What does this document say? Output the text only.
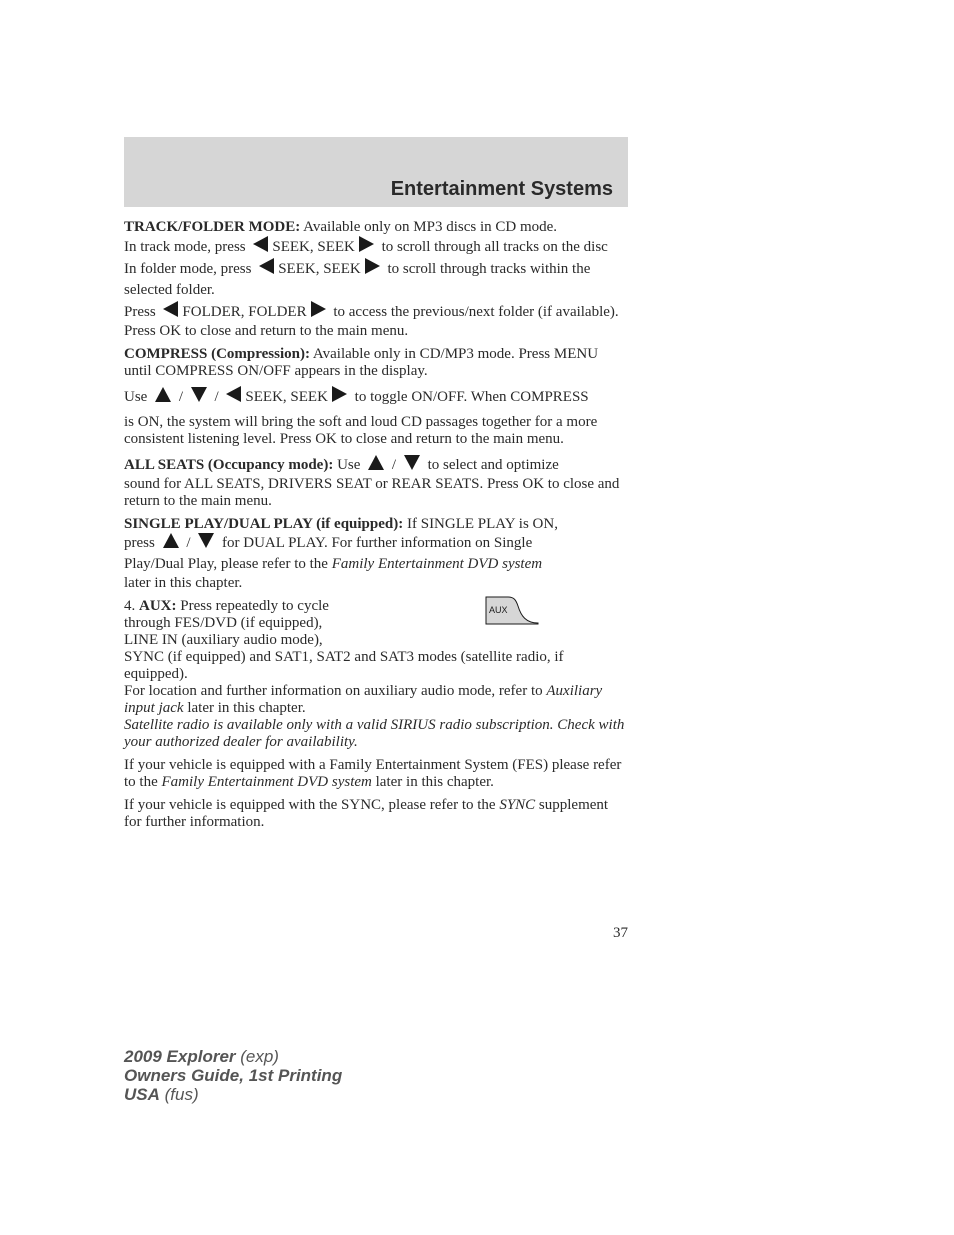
Entertainment Systems

TRACK/FOLDER MODE: Available only on MP3 discs in CD mode.

In track mode, press SEEK, SEEK to scroll through all tracks on the disc

In folder mode, press SEEK, SEEK to scroll through tracks within the selected folder.

Press FOLDER, FOLDER to access the previous/next folder (if available).

Press OK to close and return to the main menu.

COMPRESS (Compression): Available only in CD/MP3 mode. Press MENU until COMPRESS ON/OFF appears in the display.

Use  /  / SEEK, SEEK to toggle ON/OFF. When COMPRESS

is ON, the system will bring the soft and loud CD passages together for a more consistent listening level. Press OK to close and return to the main menu.

ALL SEATS (Occupancy mode): Use  /  to select and optimize

sound for ALL SEATS, DRIVERS SEAT or REAR SEATS. Press OK to close and return to the main menu.

SINGLE PLAY/DUAL PLAY (if equipped): If SINGLE PLAY is ON,

press  /  for DUAL PLAY. For further information on Single

Play/Dual Play, please refer to the Family Entertainment DVD system

later in this chapter.

AUX

4. AUX: Press repeatedly to cycle

through FES/DVD (if equipped),

LINE IN (auxiliary audio mode),

SYNC (if equipped) and SAT1, SAT2 and SAT3 modes (satellite radio, if equipped).

For location and further information on auxiliary audio mode, refer to Auxiliary input jack later in this chapter.

Satellite radio is available only with a valid SIRIUS radio subscription. Check with your authorized dealer for availability.

If your vehicle is equipped with a Family Entertainment System (FES) please refer to the Family Entertainment DVD system later in this chapter.

If your vehicle is equipped with the SYNC, please refer to the SYNC supplement for further information.

37
2009 Explorer (exp)
Owners Guide, 1st Printing
USA (fus)
